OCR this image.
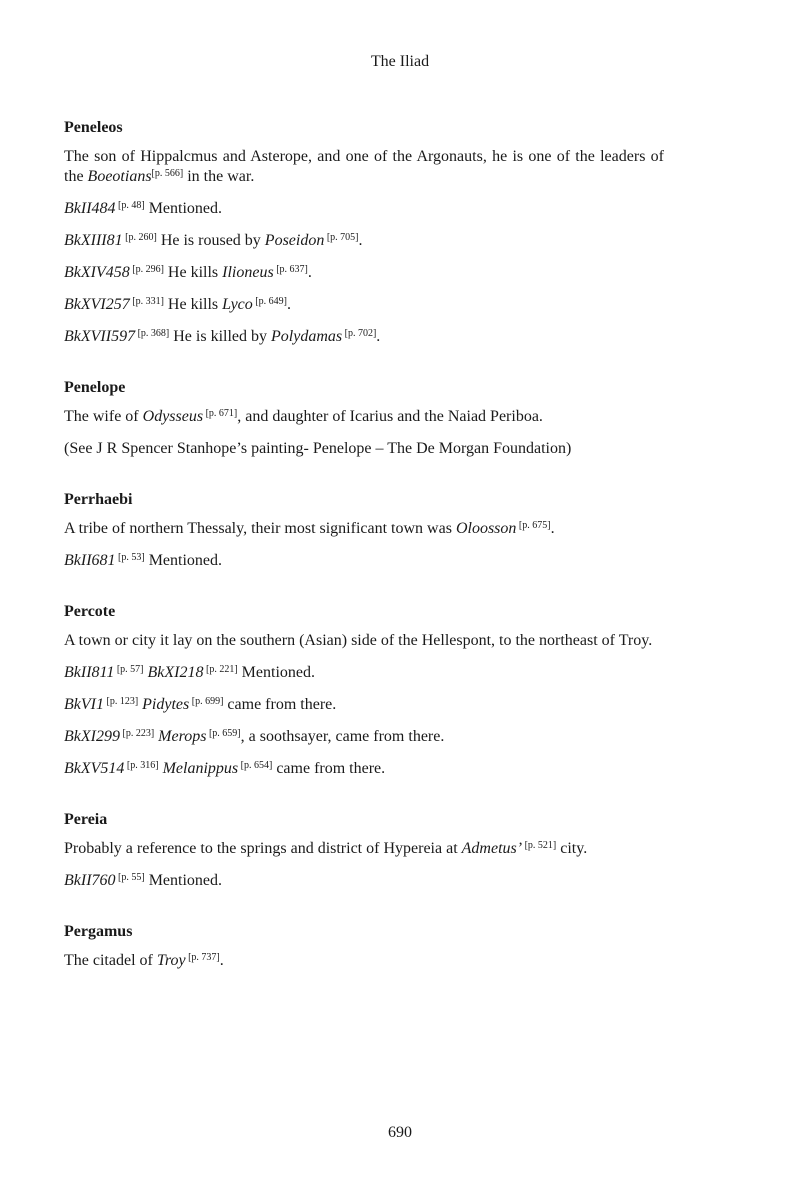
The Iliad
Peneleos

The son of Hippalcmus and Asterope, and one of the Argonauts, he is one of the leaders of the Boeotians[p. 566] in the war.

BkII484 [p. 48] Mentioned.

BkXIII81 [p. 260] He is roused by Poseidon [p. 705].

BkXIV458 [p. 296] He kills Ilioneus [p. 637].

BkXVI257 [p. 331] He kills Lyco [p. 649].

BkXVII597 [p. 368] He is killed by Polydamas [p. 702].

Penelope

The wife of Odysseus [p. 671], and daughter of Icarius and the Naiad Periboa.

(See J R Spencer Stanhope’s painting- Penelope – The De Morgan Foundation)

Perrhaebi

A tribe of northern Thessaly, their most significant town was Oloosson [p. 675].

BkII681 [p. 53] Mentioned.

Percote

A town or city it lay on the southern (Asian) side of the Hellespont, to the northeast of Troy.

BkII811 [p. 57] BkXI218 [p. 221] Mentioned.

BkVI1 [p. 123] Pidytes [p. 699] came from there.

BkXI299 [p. 223] Merops [p. 659], a soothsayer, came from there.

BkXV514 [p. 316] Melanippus [p. 654] came from there.

Pereia

Probably a reference to the springs and district of Hypereia at Admetus’ [p. 521] city.

BkII760 [p. 55] Mentioned.

Pergamus

The citadel of Troy [p. 737].

690
